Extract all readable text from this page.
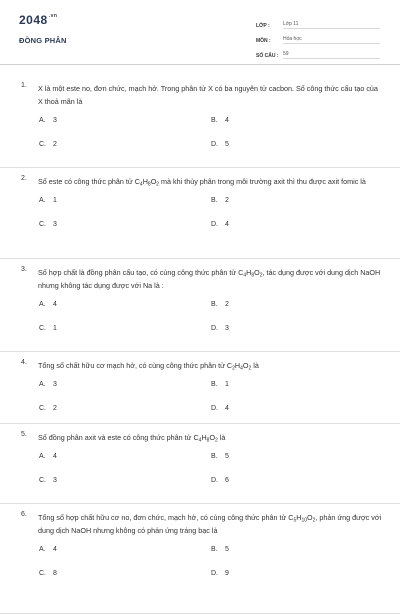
$2048^{.vn}$
ĐỒNG PHÂN
LỚP :	Lớp 11
MÔN :	Hóa học
SỐ CÂU : 59
1.	X là một este no, đơn chức, mạch hở. Trong phân tử X có ba nguyên tử cacbon. Số công thức cấu tạo của X thoả mãn là
A. 3	B. 4
C. 2	D. 5
2.	Số este có công thức phân tử $C_4H_8O_2$ mà khi thủy phân trong môi trường axit thì thu được axit fomic là
A. 1	B. 2
C. 3	D. 4
3.	Số hợp chất là đồng phân cấu tạo, có cùng công thức phân tử $C_4H_8O_2$, tác dụng được với dung dịch NaOH nhưng không tác dụng được với Na là :
A. 4	B. 2
C. 1	D. 3
4.	Tổng số chất hữu cơ mạch hở, có cùng công thức phân tử $C_2H_4O_2$ là
A. 3	B. 1
C. 2	D. 4
5.	Số đồng phân axit và este có công thức phân tử $C_4H_8O_2$ là
A. 4	B. 5
C. 3	D. 6
6.	Tổng số hợp chất hữu cơ no, đơn chức, mạch hở, có cùng công thức phân tử $C_5H_{10}O_2$, phản ứng được với dung dịch NaOH nhưng không có phản ứng tráng bạc là
A. 4	B. 5
C. 8	D. 9
